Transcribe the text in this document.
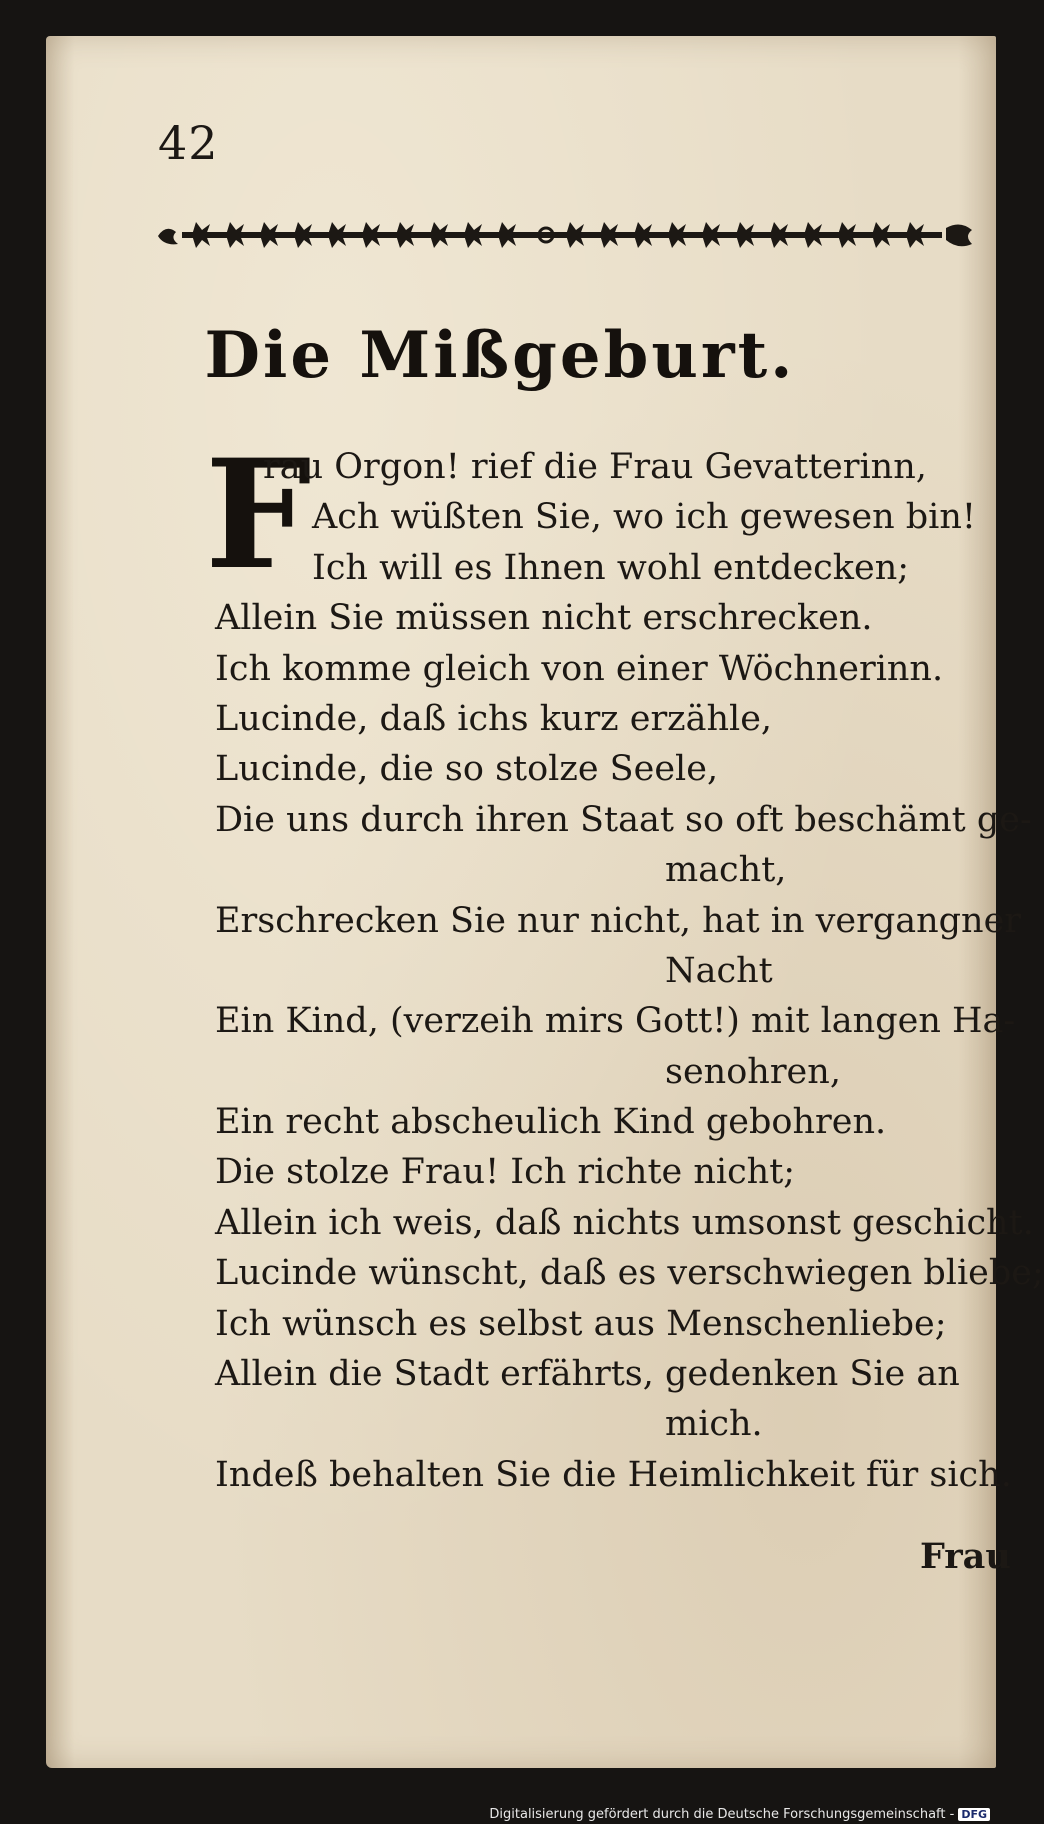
42
Die Mißgeburt.
F
rau Orgon! rief die Frau Gevatterinn,
Ach wüßten Sie, wo ich gewesen bin!
Ich will es Ihnen wohl entdecken;
Allein Sie müssen nicht erschrecken.
Ich komme gleich von einer Wöchnerinn.
Lucinde, daß ichs kurz erzähle,
Lucinde, die so stolze Seele,
Die uns durch ihren Staat so oft beschämt ge-
macht,
Erschrecken Sie nur nicht, hat in vergangner
Nacht
Ein Kind, (verzeih mirs Gott!) mit langen Ha-
senohren,
Ein recht abscheulich Kind gebohren.
Die stolze Frau! Ich richte nicht;
Allein ich weis, daß nichts umsonst geschicht.
Lucinde wünscht, daß es verschwiegen bliebe;
Ich wünsch es selbst aus Menschenliebe;
Allein die Stadt erfährts, gedenken Sie an
mich.
Indeß behalten Sie die Heimlichkeit für sich.
Frau
Digitalisierung gefördert durch die Deutsche Forschungsgemeinschaft - DFG
